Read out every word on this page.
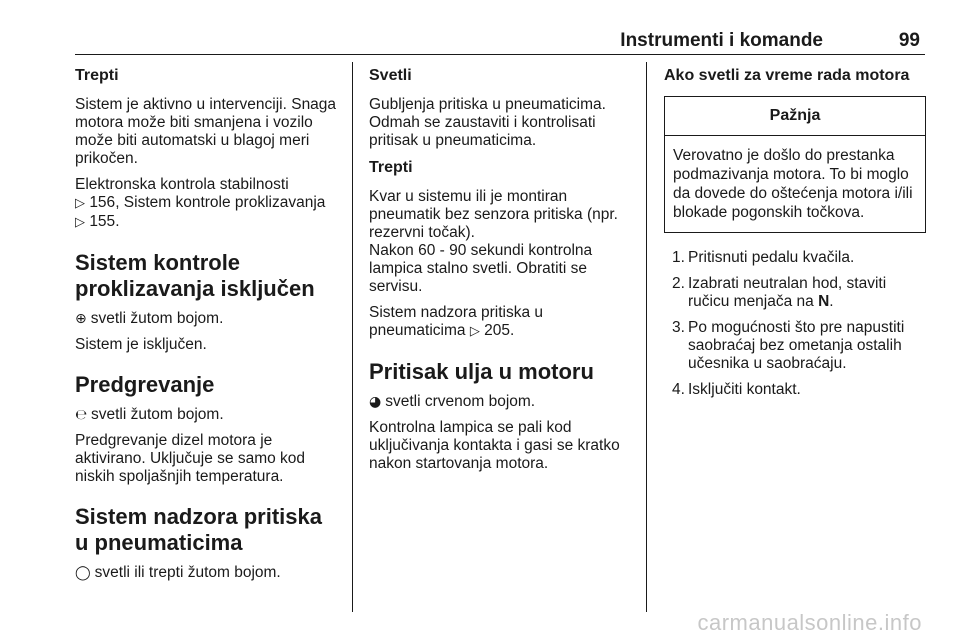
Instrumenti i komande	99
Trepti

Sistem je aktivno u intervenciji. Snaga motora može biti smanjena i vozilo može biti automatski u blagoj meri prikočen.

Elektronska kontrola stabilnosti
▷ 156, Sistem kontrole proklizavanja
▷ 155.

Sistem kontrole proklizavanja isključen

⊕ svetli žutom bojom.

Sistem je isključen.

Predgrevanje

℮ svetli žutom bojom.

Predgrevanje dizel motora je aktivirano. Uključuje se samo kod niskih spoljašnjih temperatura.

Sistem nadzora pritiska u pneumaticima

◯ svetli ili trepti žutom bojom.

Svetli

Gubljenja pritiska u pneumaticima. Odmah se zaustaviti i kontrolisati pritisak u pneumaticima.

Trepti

Kvar u sistemu ili je montiran pneumatik bez senzora pritiska (npr. rezervni točak).
Nakon 60 - 90 sekundi kontrolna lampica stalno svetli. Obratiti se servisu.

Sistem nadzora pritiska u pneumaticima ▷ 205.

Pritisak ulja u motoru

◕ svetli crvenom bojom.

Kontrolna lampica se pali kod uključivanja kontakta i gasi se kratko nakon startovanja motora.

Ako svetli za vreme rada motora
Pažnja
Verovatno je došlo do prestanka podmazivanja motora. To bi moglo da dovede do oštećenja motora i/ili blokade pogonskih točkova.
1. Pritisnuti pedalu kvačila.
2. Izabrati neutralan hod, staviti ručicu menjača na N.
3. Po mogućnosti što pre napustiti saobraćaj bez ometanja ostalih učesnika u saobraćaju.
4. Isključiti kontakt.
carmanualsonline.info
